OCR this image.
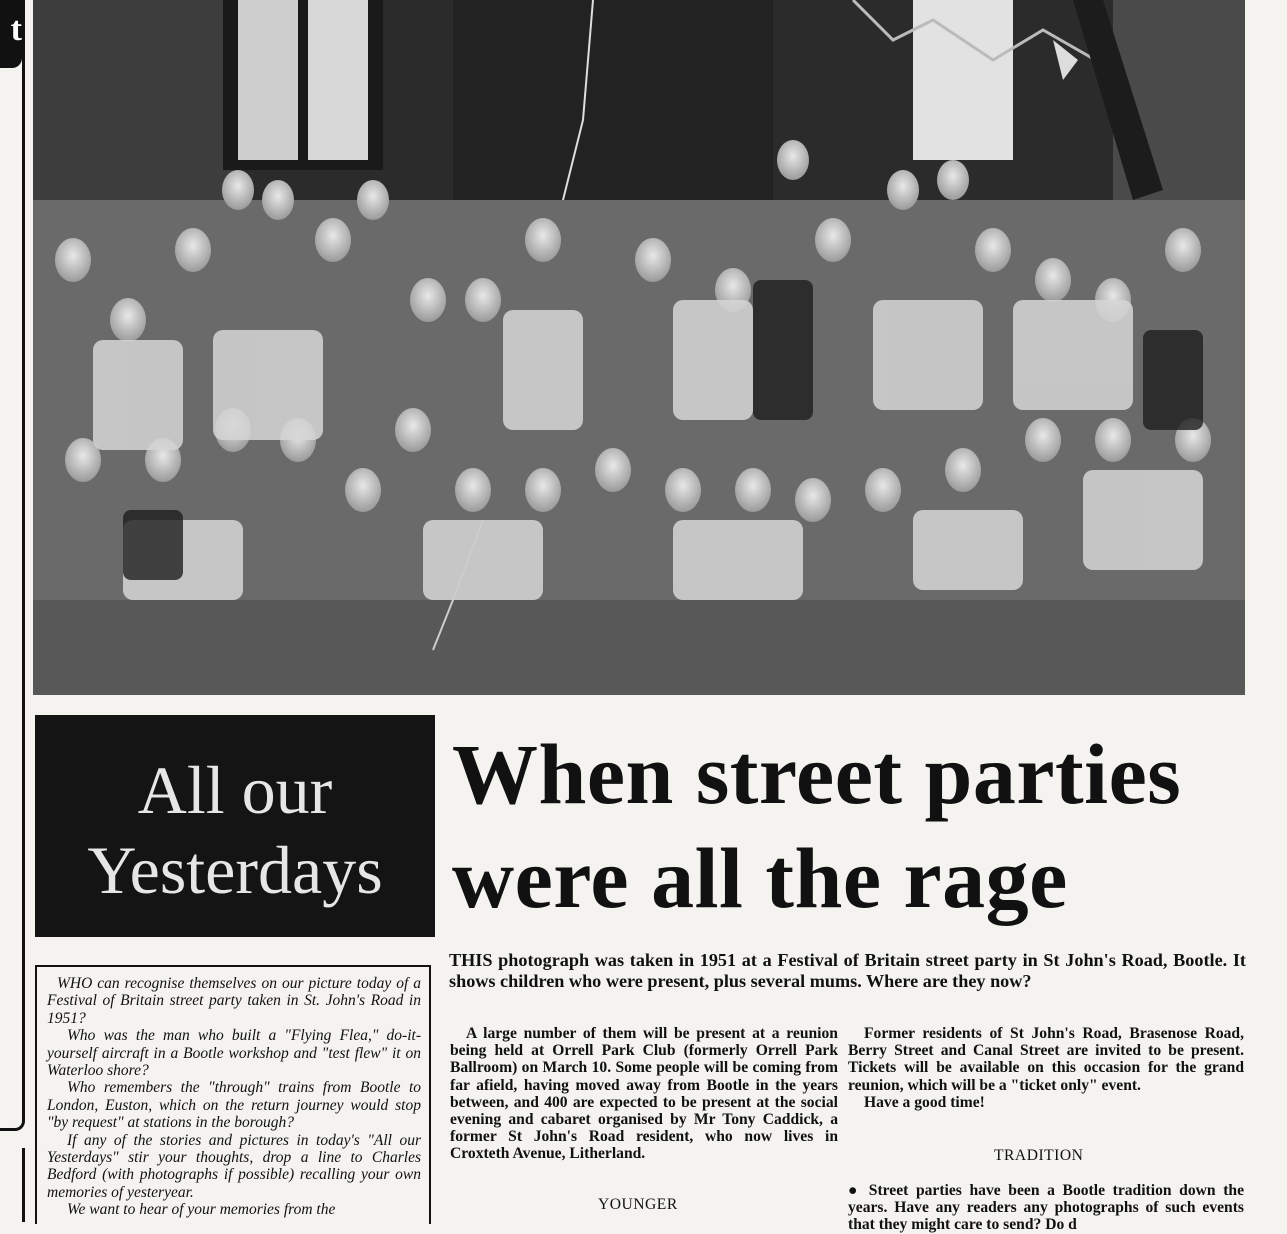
t
All our
Yesterdays
When street parties
were all the rage

WHO can recognise themselves on our picture today of a Festival of Britain street party taken in St. John's Road in 1951?

Who was the man who built a "Flying Flea," do-it-yourself aircraft in a Bootle workshop and "test flew" it on Waterloo shore?

Who remembers the "through" trains from Bootle to London, Euston, which on the return journey would stop "by request" at stations in the borough?

If any of the stories and pictures in today's "All our Yesterdays" stir your thoughts, drop a line to Charles Bedford (with photographs if possible) recalling your own memories of yesteryear.

We want to hear of your memories from the

THIS photograph was taken in 1951 at a Festival of Britain street party in St John's Road, Bootle. It shows children who were present, plus several mums. Where are they now?

A large number of them will be present at a reunion being held at Orrell Park Club (formerly Orrell Park Ballroom) on March 10. Some people will be coming from far afield, having moved away from Bootle in the years between, and 400 are expected to be present at the social evening and cabaret organised by Mr Tony Caddick, a former St John's Road resident, who now lives in Croxteth Avenue, Litherland.

YOUNGER

Former residents of St John's Road, Brasenose Road, Berry Street and Canal Street are invited to be present. Tickets will be available on this occasion for the grand reunion, which will be a "ticket only" event.

Have a good time!

TRADITION

● Street parties have been a Bootle tradition down the years. Have any readers any photographs of such events that they might care to send? Do d
